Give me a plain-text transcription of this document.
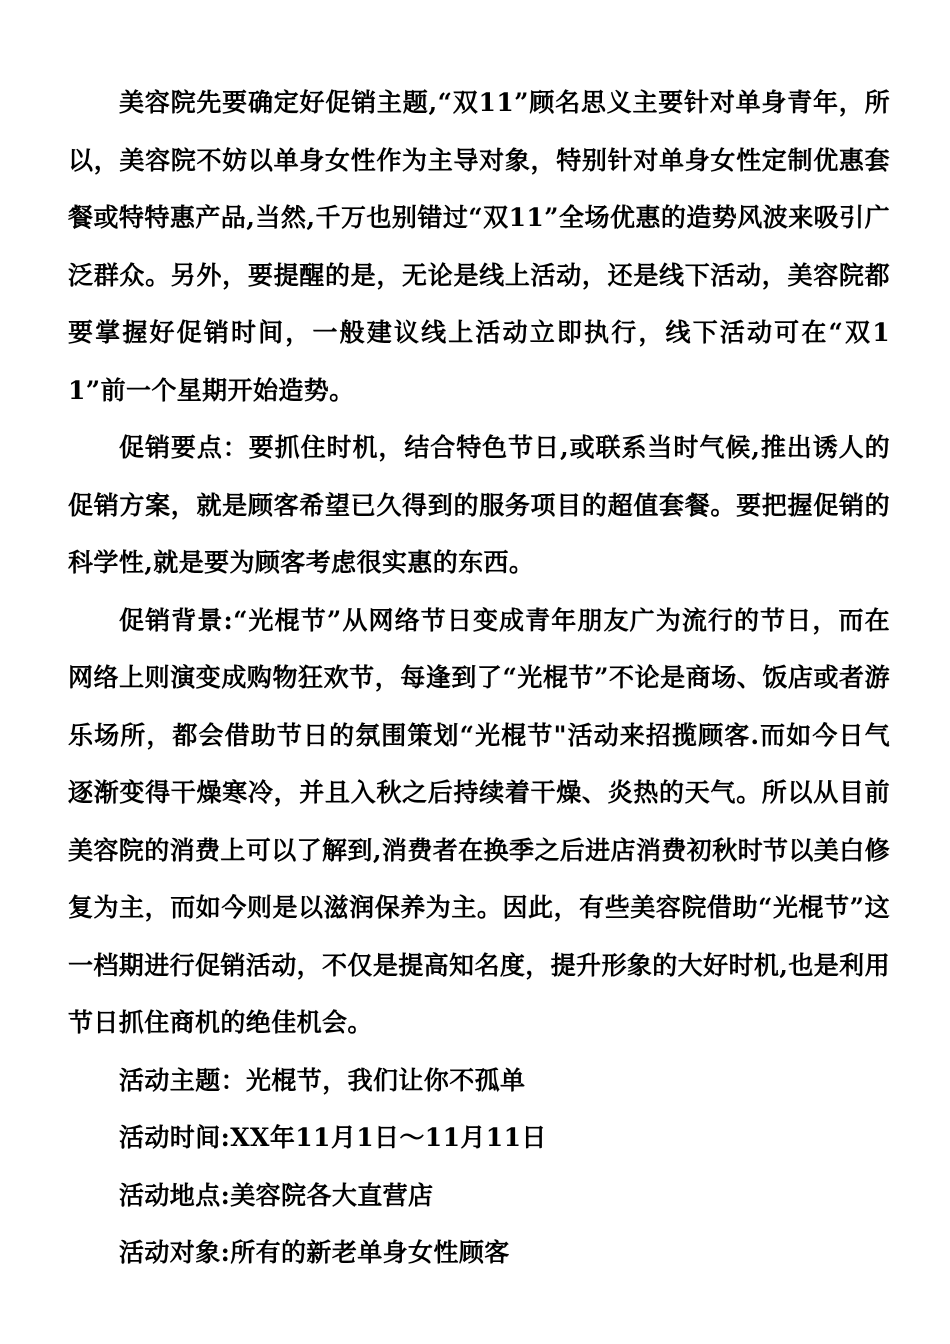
美容院先要确定好促销主题,“双11”顾名思义主要针对单身青年，所以，美容院不妨以单身女性作为主导对象，特别针对单身女性定制优惠套餐或特特惠产品,当然,千万也别错过“双11”全场优惠的造势风波来吸引广泛群众。另外，要提醒的是，无论是线上活动，还是线下活动，美容院都要掌握好促销时间，一般建议线上活动立即执行，线下活动可在“双11”前一个星期开始造势。

促销要点：要抓住时机，结合特色节日,或联系当时气候,推出诱人的促销方案，就是顾客希望已久得到的服务项目的超值套餐。要把握促销的科学性,就是要为顾客考虑很实惠的东西。

促销背景:“光棍节”从网络节日变成青年朋友广为流行的节日，而在网络上则演变成购物狂欢节，每逢到了“光棍节”不论是商场、饭店或者游乐场所，都会借助节日的氛围策划“光棍节"活动来招揽顾客.而如今日气逐渐变得干燥寒冷，并且入秋之后持续着干燥、炎热的天气。所以从目前美容院的消费上可以了解到,消费者在换季之后进店消费初秋时节以美白修复为主，而如今则是以滋润保养为主。因此，有些美容院借助“光棍节”这一档期进行促销活动，不仅是提高知名度，提升形象的大好时机,也是利用节日抓住商机的绝佳机会。

活动主题：光棍节，我们让你不孤单

活动时间:XX年11月1日～11月11日

活动地点:美容院各大直营店

活动对象:所有的新老单身女性顾客
